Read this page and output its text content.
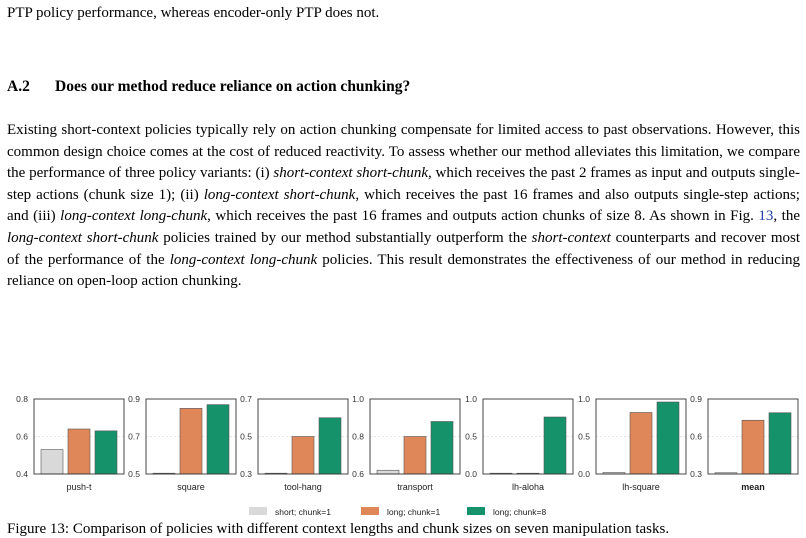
PTP policy performance, whereas encoder-only PTP does not.
A.2 Does our method reduce reliance on action chunking?

Existing short-context policies typically rely on action chunking compensate for limited access to past observations. However, this common design choice comes at the cost of reduced reactivity. To assess whether our method alleviates this limitation, we compare the performance of three policy variants: (i) short-context short-chunk, which receives the past 2 frames as input and outputs single-step actions (chunk size 1); (ii) long-context short-chunk, which receives the past 16 frames and also outputs single-step actions; and (iii) long-context long-chunk, which receives the past 16 frames and outputs action chunks of size 8. As shown in Fig. 13, the long-context short-chunk policies trained by our method substantially outperform the short-context counterparts and recover most of the performance of the long-context long-chunk policies. This result demonstrates the effectiveness of our method in reducing reliance on open-loop action chunking.

0.8
0.6
0.4
push-t
0.9
0.7
0.5
square
0.7
0.5
0.3
tool-hang
1.0
0.8
0.6
transport
1.0
0.5
0.0
lh-aloha
1.0
0.5
0.0
lh-square
0.9
0.6
0.3
mean
short; chunk=1	long; chunk=1	long; chunk=8
Figure 13: Comparison of policies with different context lengths and chunk sizes on seven manipulation tasks.
